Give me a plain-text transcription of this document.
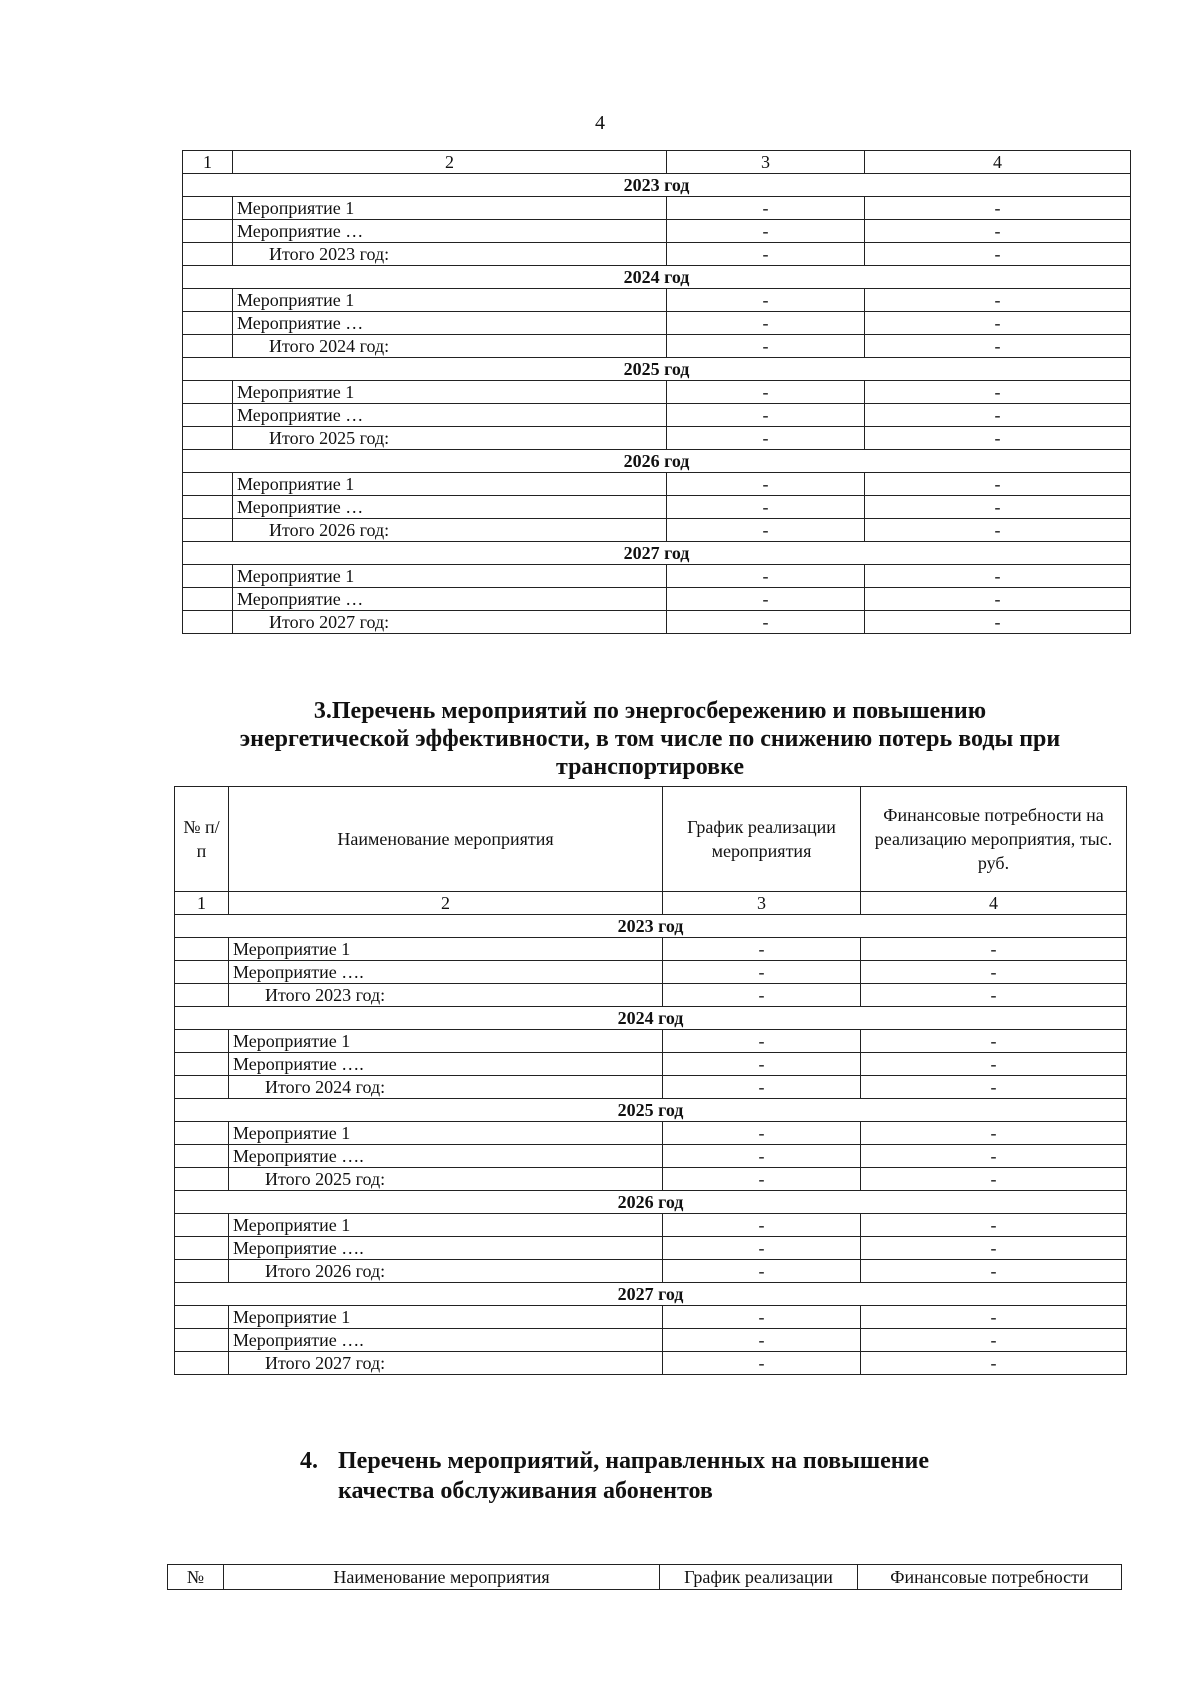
4
1	2	3	4
2023 год			
	Мероприятие 1	-	-
	Мероприятие …	-	-
	Итого 2023 год:	-	-
2024 год			
	Мероприятие 1	-	-
	Мероприятие …	-	-
	Итого 2024 год:	-	-
2025 год			
	Мероприятие 1	-	-
	Мероприятие …	-	-
	Итого 2025 год:	-	-
2026 год			
	Мероприятие 1	-	-
	Мероприятие …	-	-
	Итого 2026 год:	-	-
2027 год			
	Мероприятие 1	-	-
	Мероприятие …	-	-
	Итого 2027 год:	-	-
3.Перечень мероприятий по энергосбережению и повышению
энергетической эффективности, в том числе по снижению потерь воды при
транспортировке
№ п/п	Наименование мероприятия	График реализации мероприятия	Финансовые потребности на реализацию мероприятия, тыс. руб.
1	2	3	4
2023 год			
	Мероприятие 1	-	-
	Мероприятие ….	-	-
	Итого 2023 год:	-	-
2024 год			
	Мероприятие 1	-	-
	Мероприятие ….	-	-
	Итого 2024 год:	-	-
2025 год			
	Мероприятие 1	-	-
	Мероприятие ….	-	-
	Итого 2025 год:	-	-
2026 год			
	Мероприятие 1	-	-
	Мероприятие ….	-	-
	Итого 2026 год:	-	-
2027 год			
	Мероприятие 1	-	-
	Мероприятие ….	-	-
	Итого 2027 год:	-	-
4. Перечень мероприятий, направленных на повышение
качества обслуживания абонентов
№	Наименование мероприятия	График реализации	Финансовые потребности
